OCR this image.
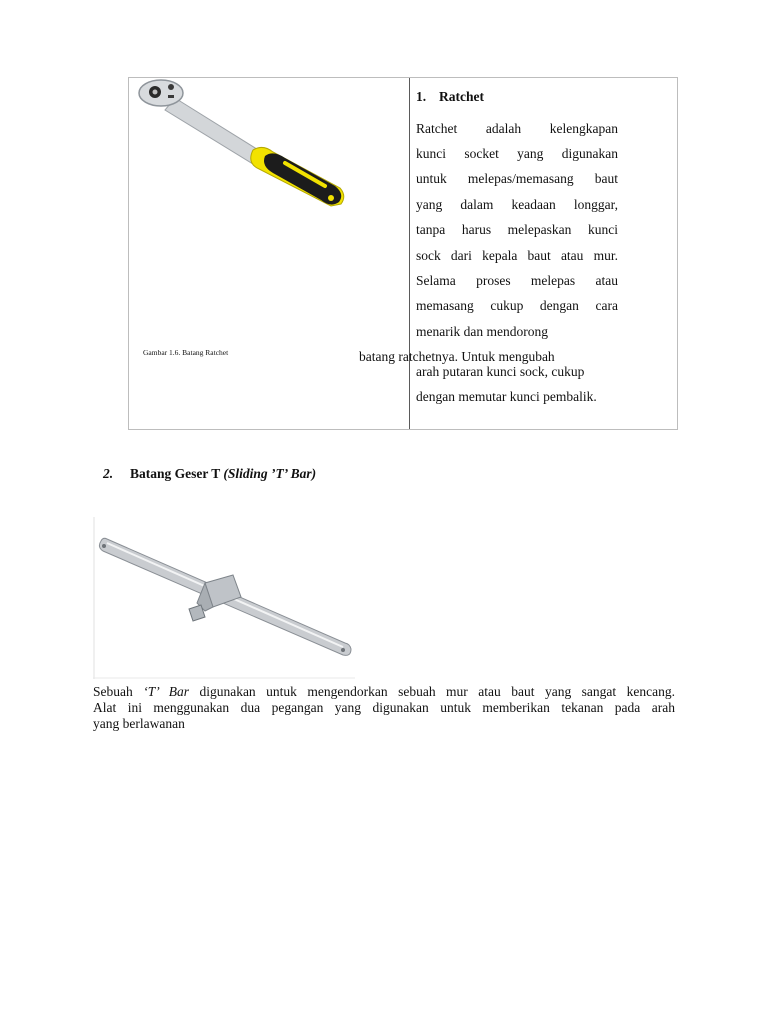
Gambar 1.6. Batang Ratchet
1. Ratchet
Ratchet adalah kelengkapan
kunci socket yang digunakan
untuk melepas/memasang baut
yang dalam keadaan longgar,
tanpa harus melepaskan kunci
sock dari kepala baut atau mur.
Selama proses melepas atau
memasang cukup dengan cara
menarik dan mendorong
batang ratchetnya. Untuk mengubah
arah putaran kunci sock, cukup
dengan memutar kunci pembalik.
2. Batang Geser T (Sliding ’T’ Bar)
Sebuah ‘T’ Bar digunakan untuk mengendorkan sebuah mur atau baut yang sangat kencang.
Alat ini menggunakan dua pegangan yang digunakan untuk memberikan tekanan pada arah
yang berlawanan
